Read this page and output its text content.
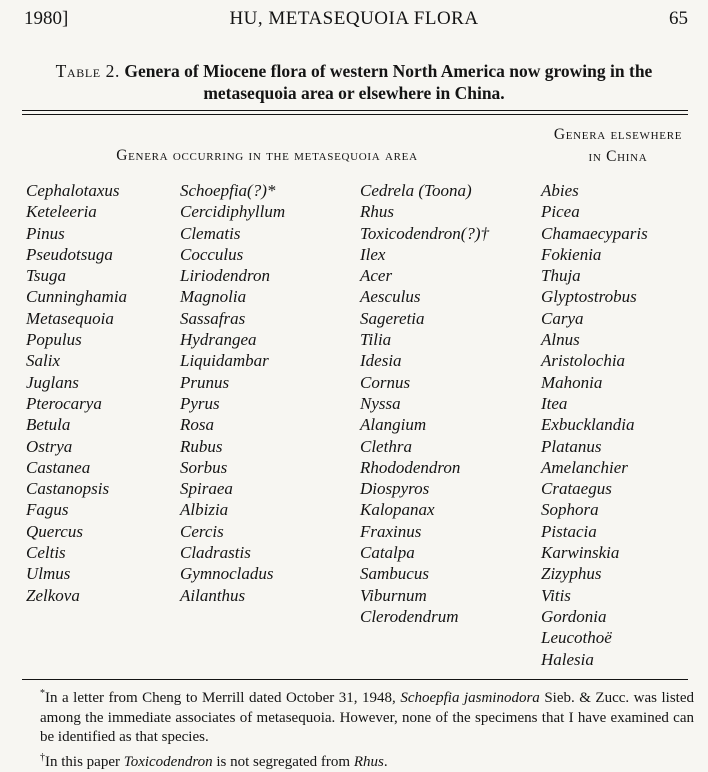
1980]	HU, METASEQUOIA FLORA	65
Table 2. Genera of Miocene flora of western North America now growing in the metasequoia area or elsewhere in China.
Genera occurring in the metasequoia area
Genera elsewhere
in China
Cephalotaxus
Keteleeria
Pinus
Pseudotsuga
Tsuga
Cunninghamia
Metasequoia
Populus
Salix
Juglans
Pterocarya
Betula
Ostrya
Castanea
Castanopsis
Fagus
Quercus
Celtis
Ulmus
Zelkova
Schoepfia(?)*
Cercidiphyllum
Clematis
Cocculus
Liriodendron
Magnolia
Sassafras
Hydrangea
Liquidambar
Prunus
Pyrus
Rosa
Rubus
Sorbus
Spiraea
Albizia
Cercis
Cladrastis
Gymnocladus
Ailanthus
Cedrela (Toona)
Rhus
Toxicodendron(?)†
Ilex
Acer
Aesculus
Sageretia
Tilia
Idesia
Cornus
Nyssa
Alangium
Clethra
Rhododendron
Diospyros
Kalopanax
Fraxinus
Catalpa
Sambucus
Viburnum
Clerodendrum
Abies
Picea
Chamaecyparis
Fokienia
Thuja
Glyptostrobus
Carya
Alnus
Aristolochia
Mahonia
Itea
Exbucklandia
Platanus
Amelanchier
Crataegus
Sophora
Pistacia
Karwinskia
Zizyphus
Vitis
Gordonia
Leucothoë
Halesia

*In a letter from Cheng to Merrill dated October 31, 1948, Schoepfia jasminodora Sieb. & Zucc. was listed among the immediate associates of metasequoia. However, none of the specimens that I have examined can be identified as that species.

†In this paper Toxicodendron is not segregated from Rhus.
